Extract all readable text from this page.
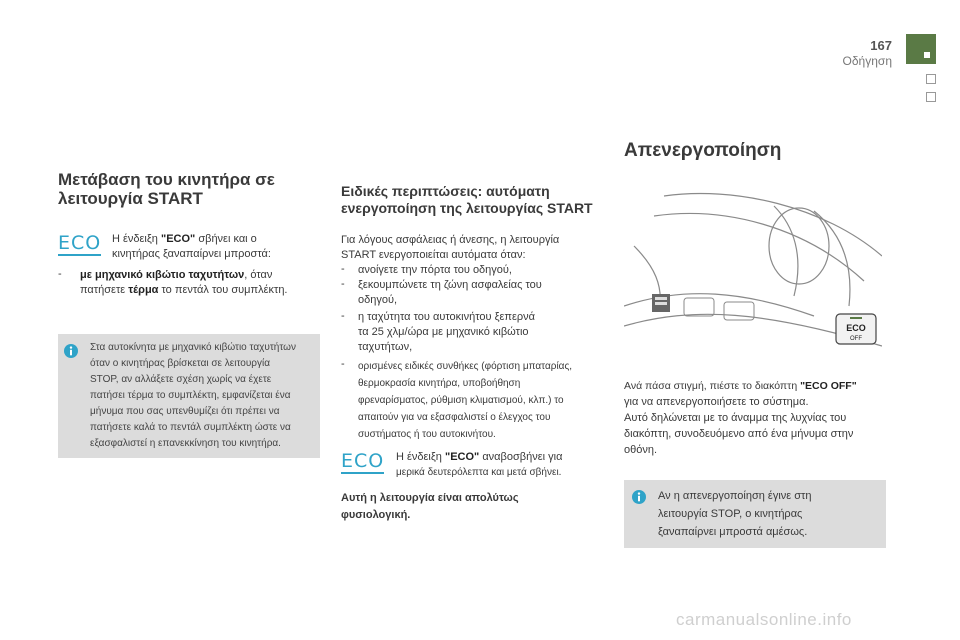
167
Οδήγηση
Μετάβαση του κινητήρα σε
λειτουργία START
ECO Η ένδειξη "ECO" σβήνει και ο
κινητήρας ξαναπαίρνει μπροστά:
- με μηχανικό κιβώτιο ταχυτήτων, όταν
πατήσετε τέρμα το πεντάλ του συμπλέκτη.
Στα αυτοκίνητα με μηχανικό κιβώτιο ταχυτήτων
όταν ο κινητήρας βρίσκεται σε λειτουργία
STOP, αν αλλάξετε σχέση χωρίς να έχετε
πατήσει τέρμα το συμπλέκτη, εμφανίζεται ένα
μήνυμα που σας υπενθυμίζει ότι πρέπει να
πατήσετε καλά το πεντάλ συμπλέκτη ώστε να
εξασφαλιστεί η επανεκκίνηση του κινητήρα.
Ειδικές περιπτώσεις: αυτόματη
ενεργοποίηση της λειτουργίας START
Για λόγους ασφάλειας ή άνεσης, η λειτουργία
START ενεργοποιείται αυτόματα όταν:
- ανοίγετε την πόρτα του οδηγού,
- ξεκουμπώνετε τη ζώνη ασφαλείας του
οδηγού,
- η ταχύτητα του αυτοκινήτου ξεπερνά
τα 25 χλμ/ώρα με μηχανικό κιβώτιο
ταχυτήτων,
- ορισμένες ειδικές συνθήκες (φόρτιση μπαταρίας,
θερμοκρασία κινητήρα, υποβοήθηση
φρεναρίσματος, ρύθμιση κλιματισμού, κλπ.) το
απαιτούν για να εξασφαλιστεί ο έλεγχος του
συστήματος ή του αυτοκινήτου.
ECO Η ένδειξη "ECO" αναβοσβήνει για
μερικά δευτερόλεπτα και μετά σβήνει.
Αυτή η λειτουργία είναι απολύτως
φυσιολογική.
Απενεργοποίηση
ECO
OFF
Ανά πάσα στιγμή, πιέστε το διακόπτη "ECO OFF"
για να απενεργοποιήσετε το σύστημα.
Αυτό δηλώνεται με το άναμμα της λυχνίας του
διακόπτη, συνοδευόμενο από ένα μήνυμα στην
οθόνη.
Αν η απενεργοποίηση έγινε στη
λειτουργία STOP, ο κινητήρας
ξαναπαίρνει μπροστά αμέσως.
carmanualsonline.info
